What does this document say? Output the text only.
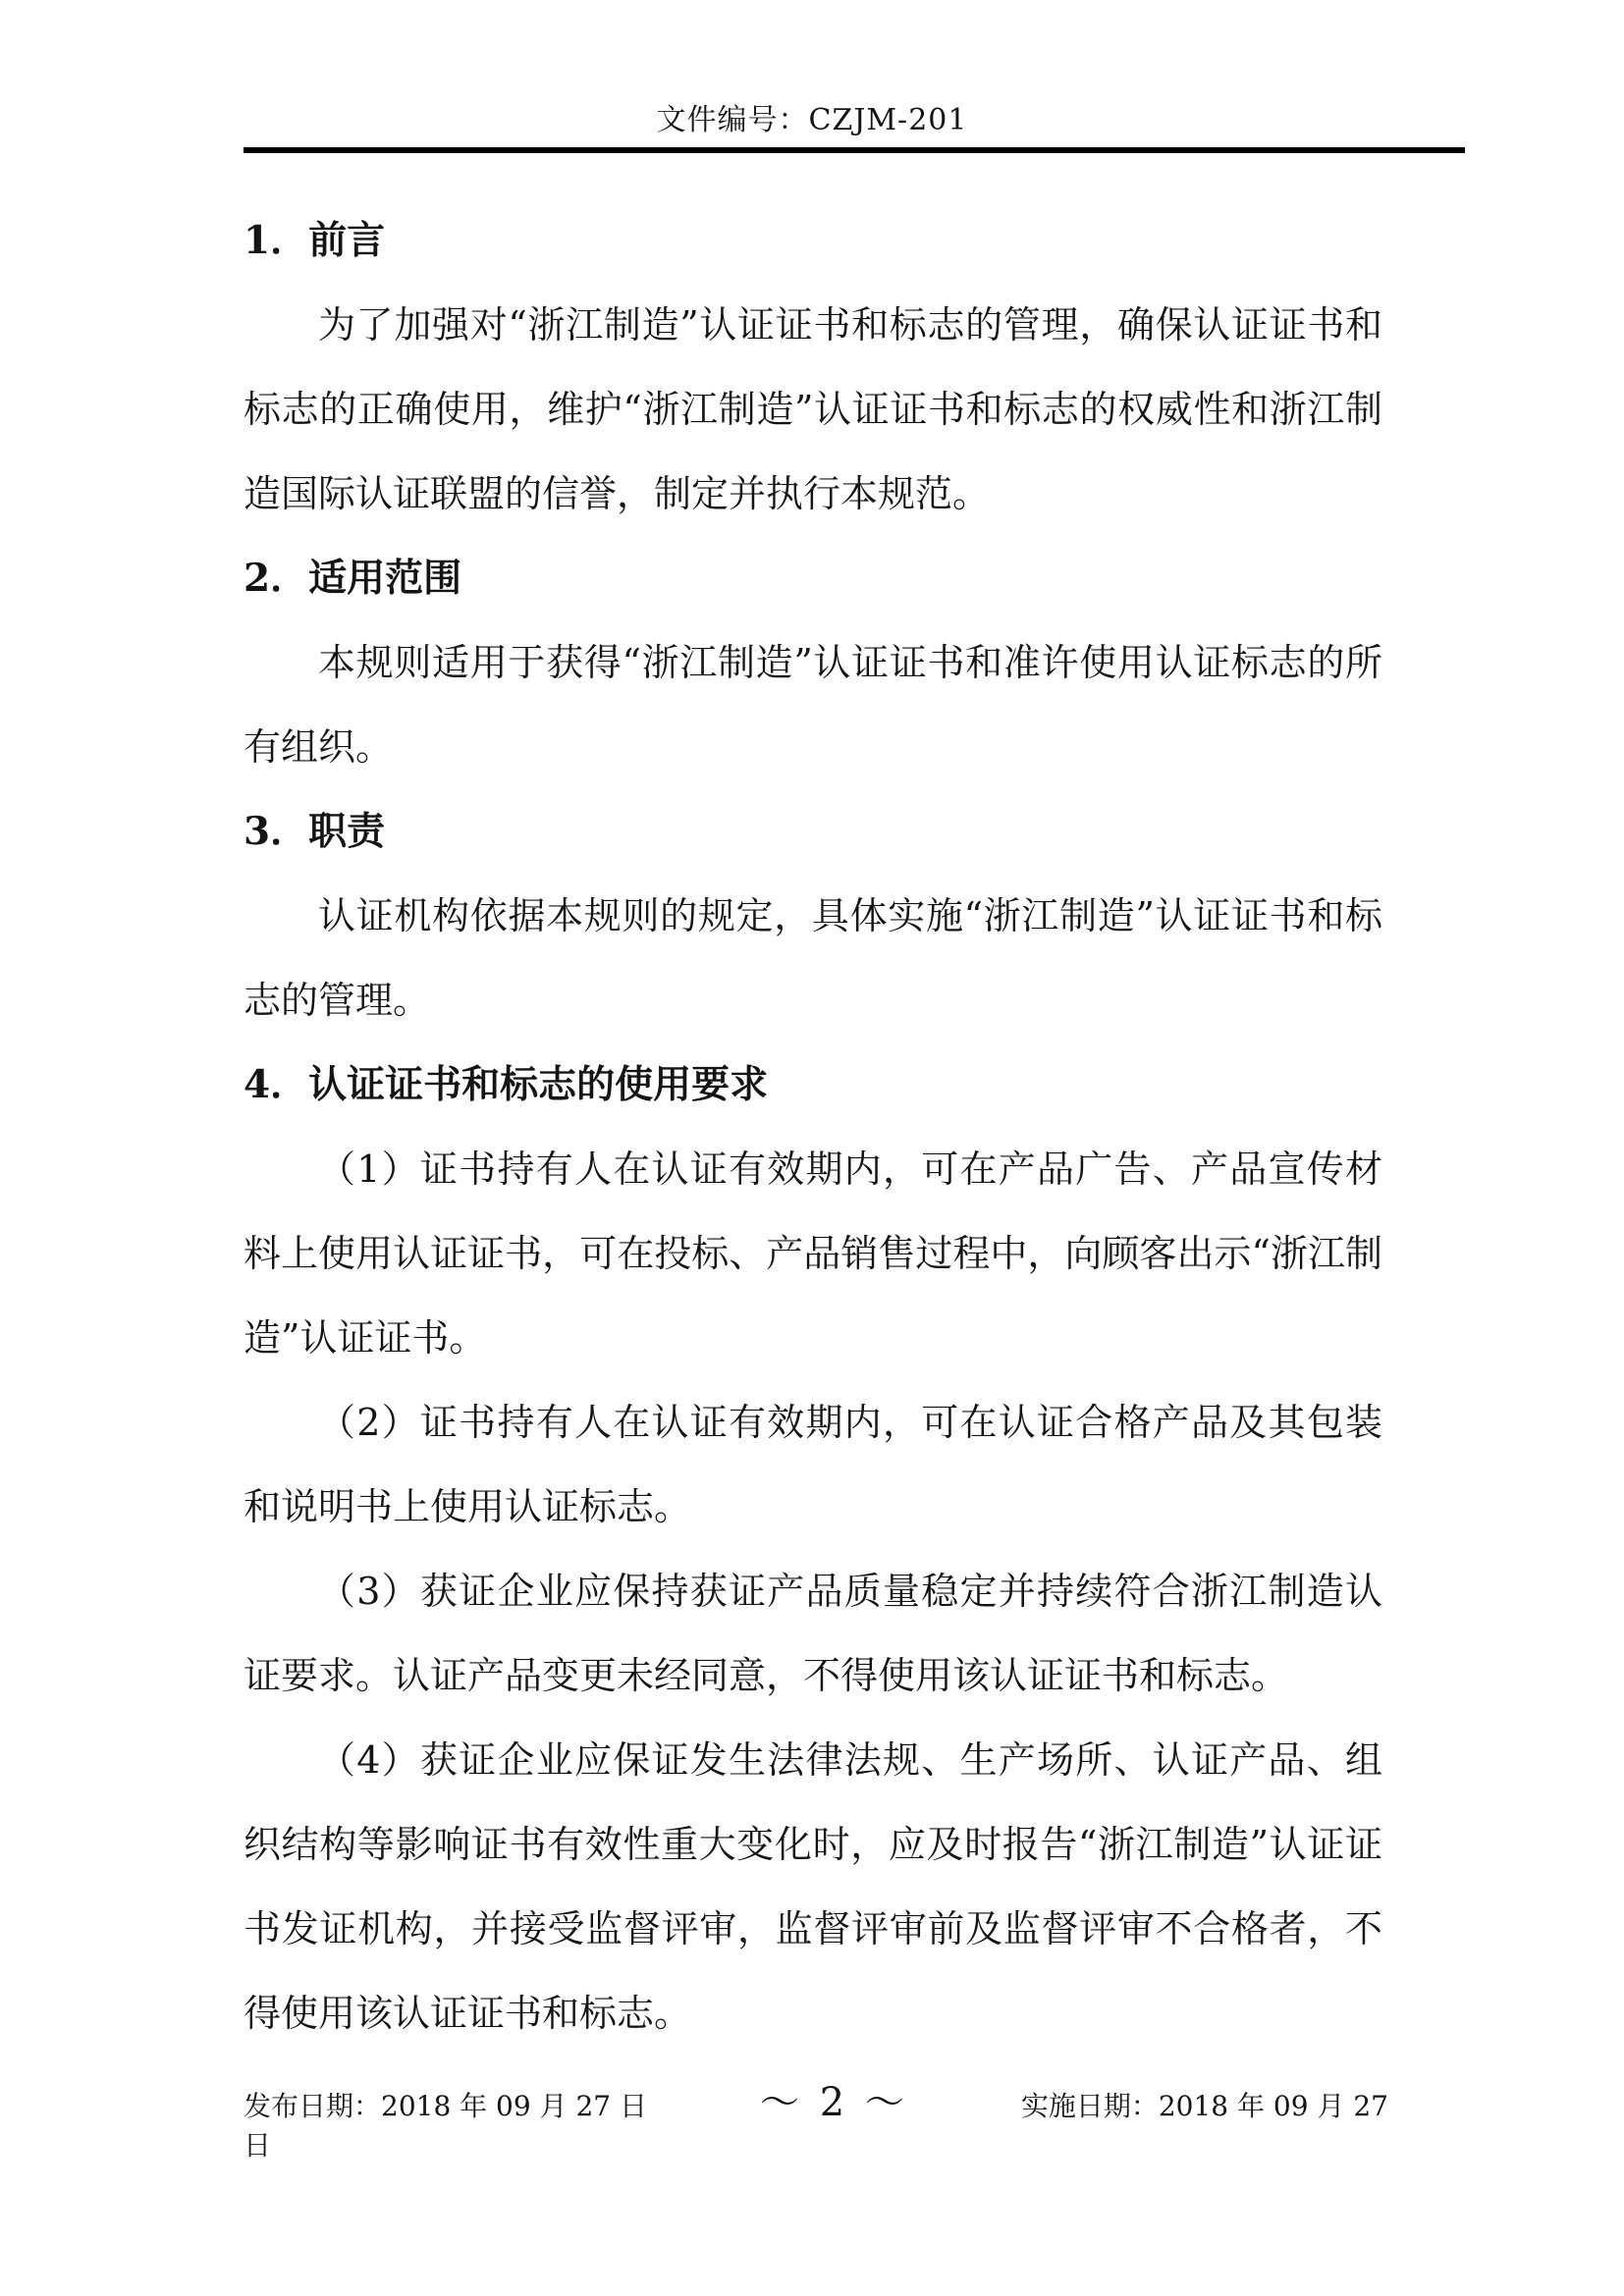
文件编号：CZJM-201
1．前言

为了加强对“浙江制造”认证证书和标志的管理，确保认证证书和标志的正确使用，维护“浙江制造”认证证书和标志的权威性和浙江制造国际认证联盟的信誉，制定并执行本规范。

2．适用范围

本规则适用于获得“浙江制造”认证证书和准许使用认证标志的所有组织。

3．职责

认证机构依据本规则的规定，具体实施“浙江制造”认证证书和标志的管理。

4．认证证书和标志的使用要求

（1）证书持有人在认证有效期内，可在产品广告、产品宣传材料上使用认证证书，可在投标、产品销售过程中，向顾客出示“浙江制造”认证证书。

（2）证书持有人在认证有效期内，可在认证合格产品及其包装和说明书上使用认证标志。

（3）获证企业应保持获证产品质量稳定并持续符合浙江制造认证要求。认证产品变更未经同意，不得使用该认证证书和标志。

（4）获证企业应保证发生法律法规、生产场所、认证产品、组织结构等影响证书有效性重大变化时，应及时报告“浙江制造”认证证书发证机构，并接受监督评审，监督评审前及监督评审不合格者，不得使用该认证证书和标志。

发布日期：2018 年 09 月 27 日	～ 2 ～	实施日期：2018 年 09 月 27

日
